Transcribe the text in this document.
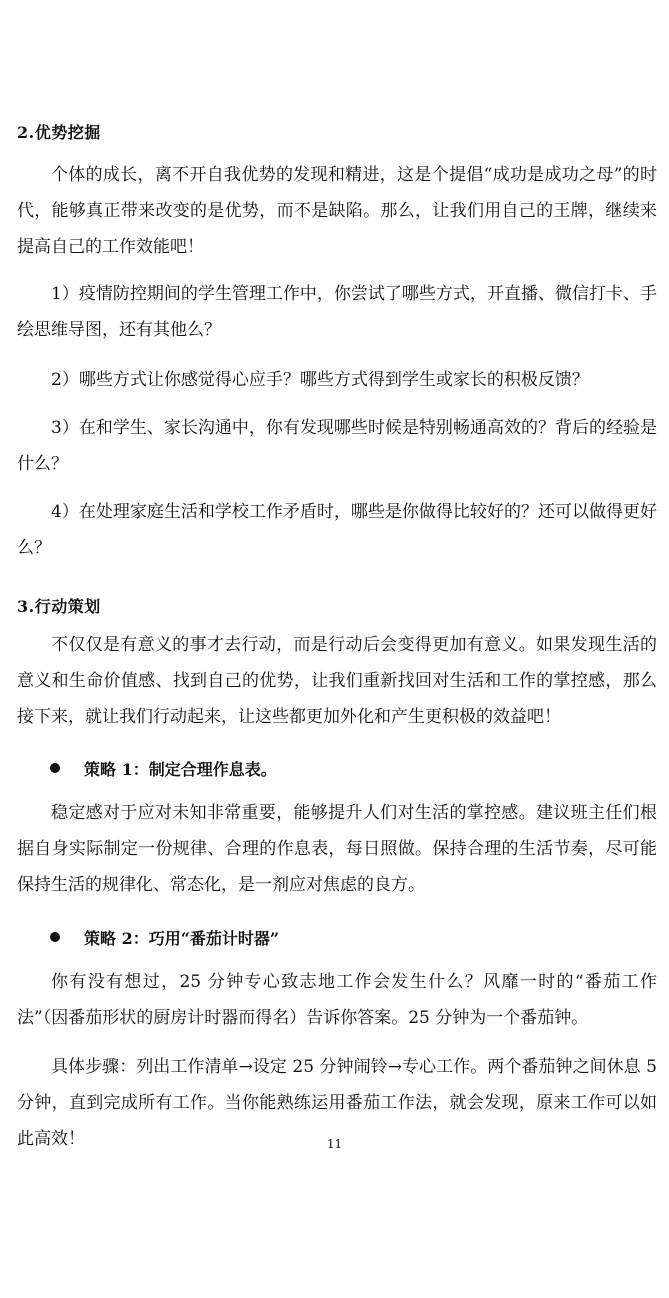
2.优势挖掘

个体的成长，离不开自我优势的发现和精进，这是个提倡“成功是成功之母”的时代，能够真正带来改变的是优势，而不是缺陷。那么，让我们用自己的王牌，继续来提高自己的工作效能吧！

1）疫情防控期间的学生管理工作中，你尝试了哪些方式，开直播、微信打卡、手绘思维导图，还有其他么？

2）哪些方式让你感觉得心应手？哪些方式得到学生或家长的积极反馈？

3）在和学生、家长沟通中，你有发现哪些时候是特别畅通高效的？背后的经验是什么？

4）在处理家庭生活和学校工作矛盾时，哪些是你做得比较好的？还可以做得更好么？

3.行动策划

不仅仅是有意义的事才去行动，而是行动后会变得更加有意义。如果发现生活的意义和生命价值感、找到自己的优势，让我们重新找回对生活和工作的掌控感，那么接下来，就让我们行动起来，让这些都更加外化和产生更积极的效益吧！

策略 1：制定合理作息表。

稳定感对于应对未知非常重要，能够提升人们对生活的掌控感。建议班主任们根据自身实际制定一份规律、合理的作息表，每日照做。保持合理的生活节奏，尽可能保持生活的规律化、常态化，是一剂应对焦虑的良方。

策略 2：巧用“番茄计时器”

你有没有想过，25 分钟专心致志地工作会发生什么？风靡一时的“番茄工作法”（因番茄形状的厨房计时器而得名）告诉你答案。25 分钟为一个番茄钟。

具体步骤：列出工作清单→设定 25 分钟闹铃→专心工作。两个番茄钟之间休息 5 分钟，直到完成所有工作。当你能熟练运用番茄工作法，就会发现，原来工作可以如此高效！	11
